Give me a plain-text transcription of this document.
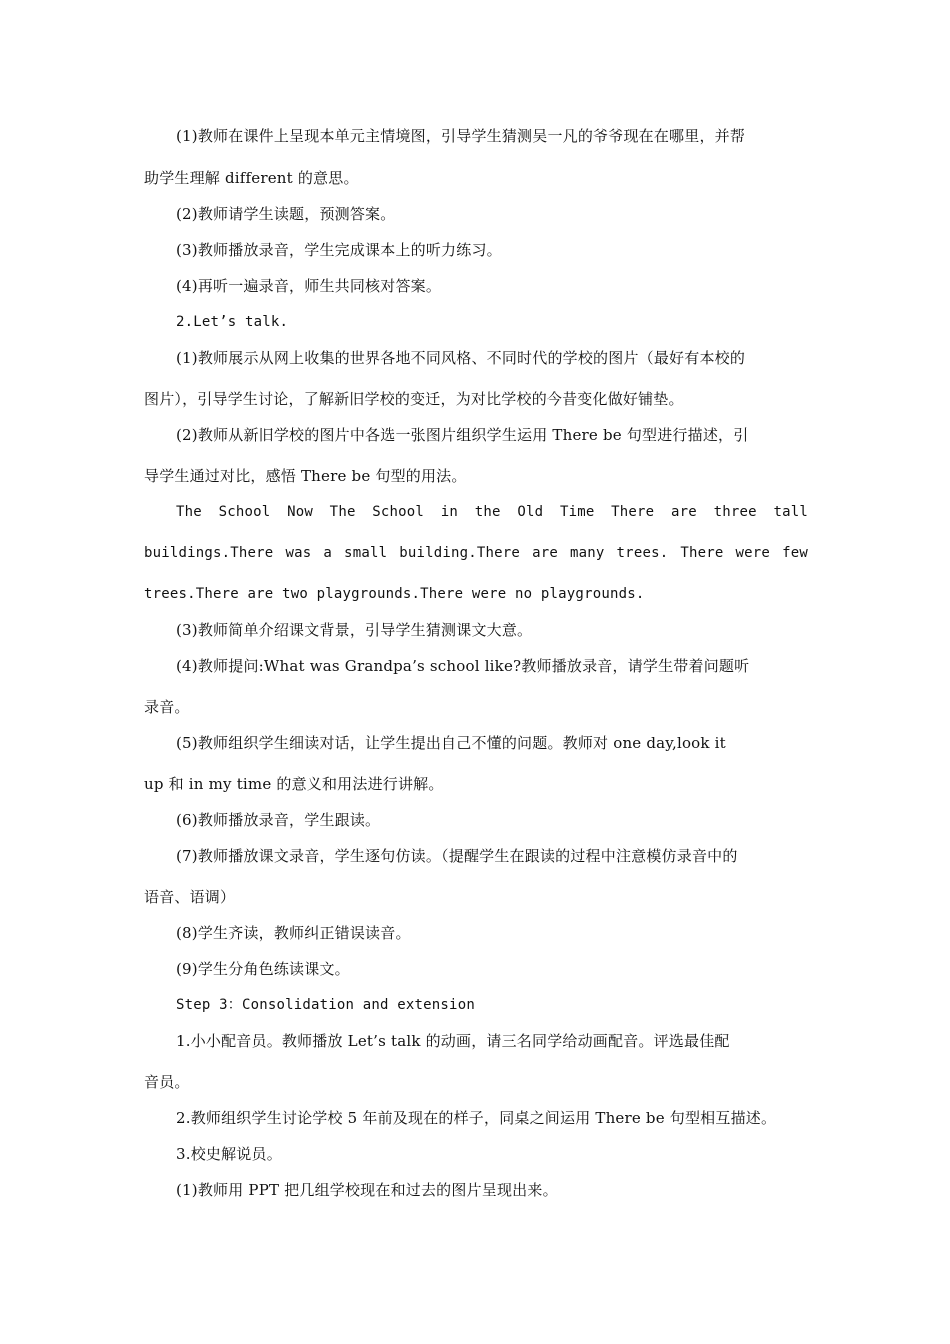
(1)教师在课件上呈现本单元主情境图，引导学生猜测吴一凡的爷爷现在在哪里，并帮
助学生理解 different 的意思。
(2)教师请学生读题，预测答案。
(3)教师播放录音，学生完成课本上的听力练习。
(4)再听一遍录音，师生共同核对答案。
2.Let’s talk.
(1)教师展示从网上收集的世界各地不同风格、不同时代的学校的图片（最好有本校的
图片），引导学生讨论，了解新旧学校的变迁，为对比学校的今昔变化做好铺垫。
(2)教师从新旧学校的图片中各选一张图片组织学生运用 There be 句型进行描述，引
导学生通过对比，感悟 There be 句型的用法。
The School Now The School in the Old Time There are three tall
buildings.There was a small building.There are many trees. There were few
trees.There are two playgrounds.There were no playgrounds.
(3)教师简单介绍课文背景，引导学生猜测课文大意。
(4)教师提问:What was Grandpa’s school like?教师播放录音，请学生带着问题听
录音。
(5)教师组织学生细读对话，让学生提出自己不懂的问题。教师对 one day,look it
up 和 in my time 的意义和用法进行讲解。
(6)教师播放录音，学生跟读。
(7)教师播放课文录音，学生逐句仿读。（提醒学生在跟读的过程中注意模仿录音中的
语音、语调）
(8)学生齐读，教师纠正错误读音。
(9)学生分角色练读课文。
Step 3：Consolidation and extension
1.小小配音员。教师播放 Let’s talk 的动画，请三名同学给动画配音。评选最佳配
音员。
2.教师组织学生讨论学校 5 年前及现在的样子，同桌之间运用 There be 句型相互描述。
3.校史解说员。
(1)教师用 PPT 把几组学校现在和过去的图片呈现出来。
